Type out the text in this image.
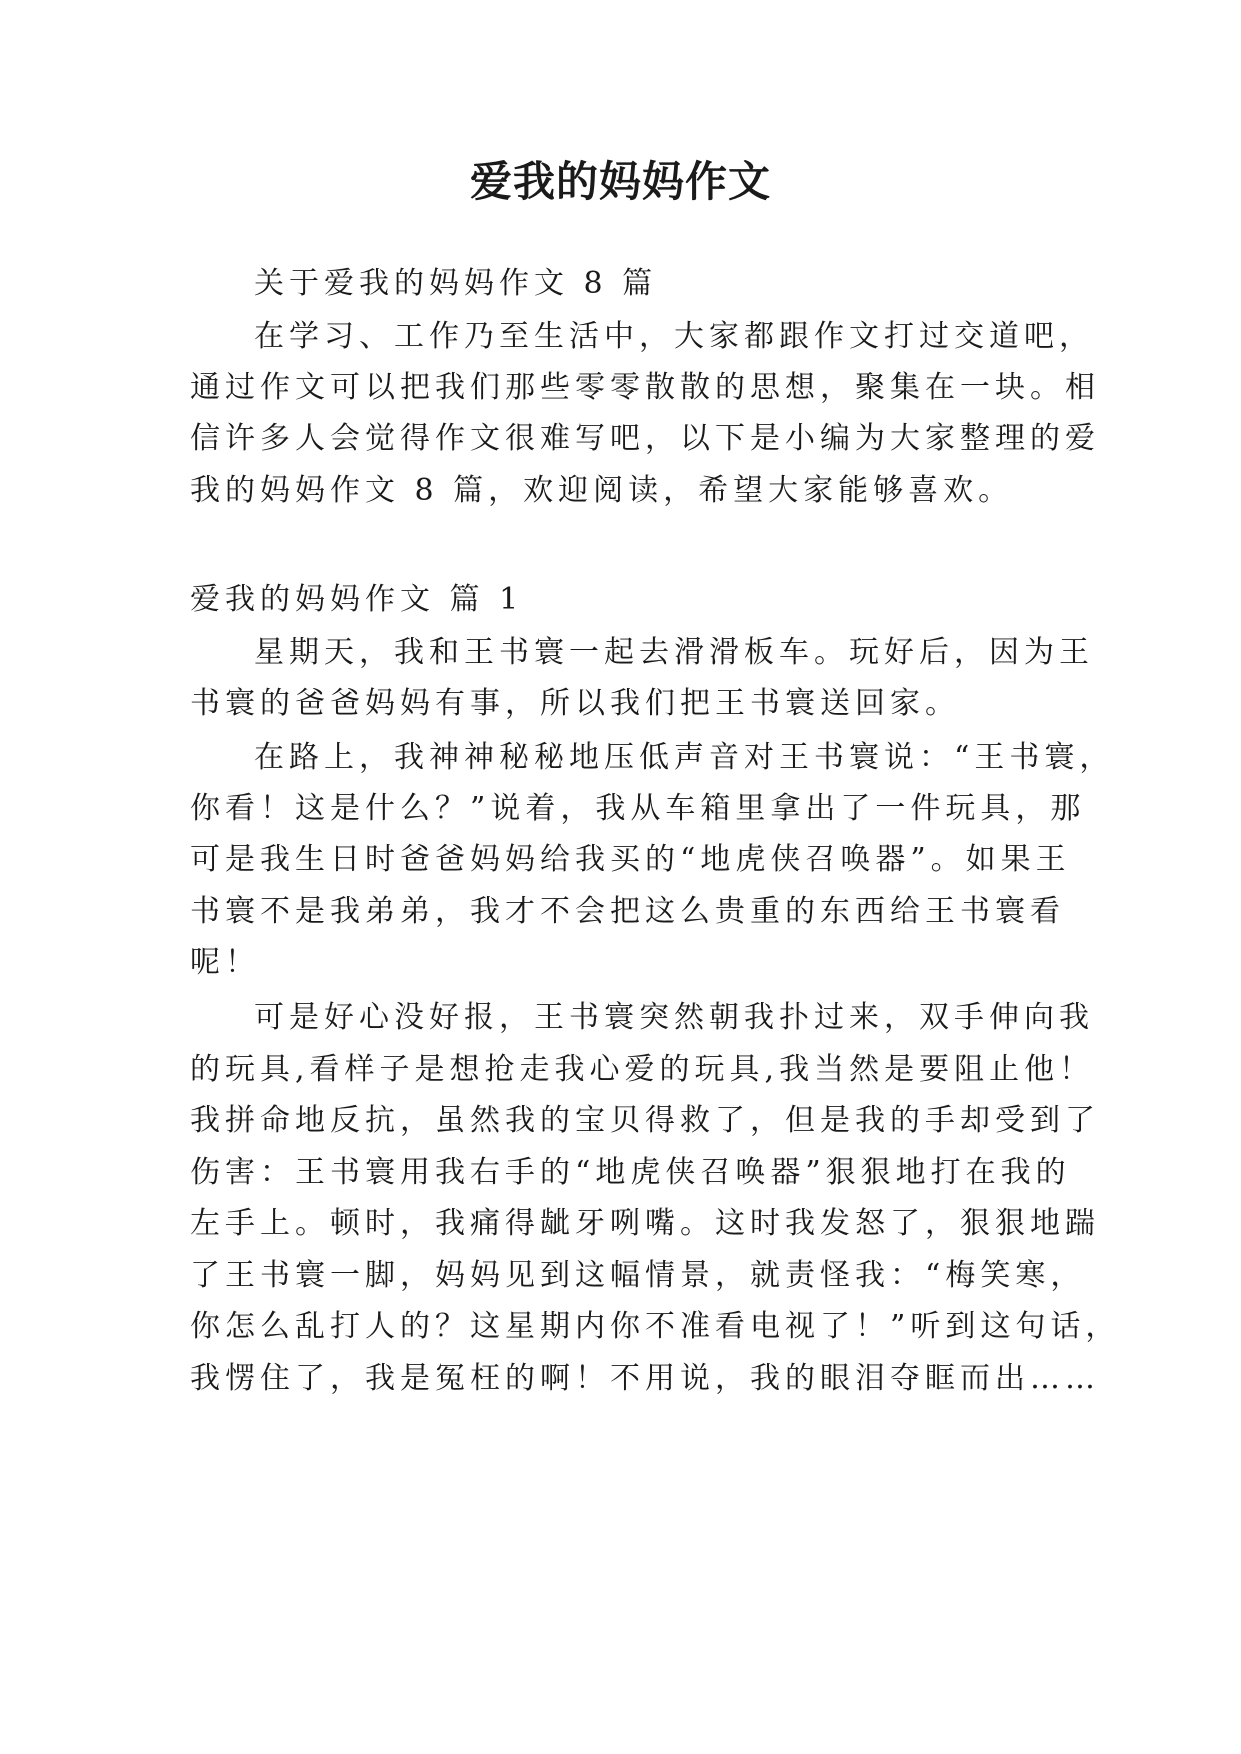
爱我的妈妈作文

关于爱我的妈妈作文 8 篇

在学习、工作乃至生活中，大家都跟作文打过交道吧，

通过作文可以把我们那些零零散散的思想，聚集在一块。相

信许多人会觉得作文很难写吧，以下是小编为大家整理的爱

我的妈妈作文 8 篇，欢迎阅读，希望大家能够喜欢。

爱我的妈妈作文 篇 1

星期天，我和王书寰一起去滑滑板车。玩好后，因为王

书寰的爸爸妈妈有事，所以我们把王书寰送回家。

在路上，我神神秘秘地压低声音对王书寰说：“王书寰，

你看！这是什么？”说着，我从车箱里拿出了一件玩具，那

可是我生日时爸爸妈妈给我买的“地虎侠召唤器”。如果王

书寰不是我弟弟，我才不会把这么贵重的东西给王书寰看

呢！

可是好心没好报，王书寰突然朝我扑过来，双手伸向我

的玩具,看样子是想抢走我心爱的玩具,我当然是要阻止他！

我拼命地反抗，虽然我的宝贝得救了，但是我的手却受到了

伤害：王书寰用我右手的“地虎侠召唤器”狠狠地打在我的

左手上。顿时，我痛得龇牙咧嘴。这时我发怒了，狠狠地踹

了王书寰一脚，妈妈见到这幅情景，就责怪我：“梅笑寒，

你怎么乱打人的？这星期内你不准看电视了！”听到这句话，

我愣住了，我是冤枉的啊！不用说，我的眼泪夺眶而出……
